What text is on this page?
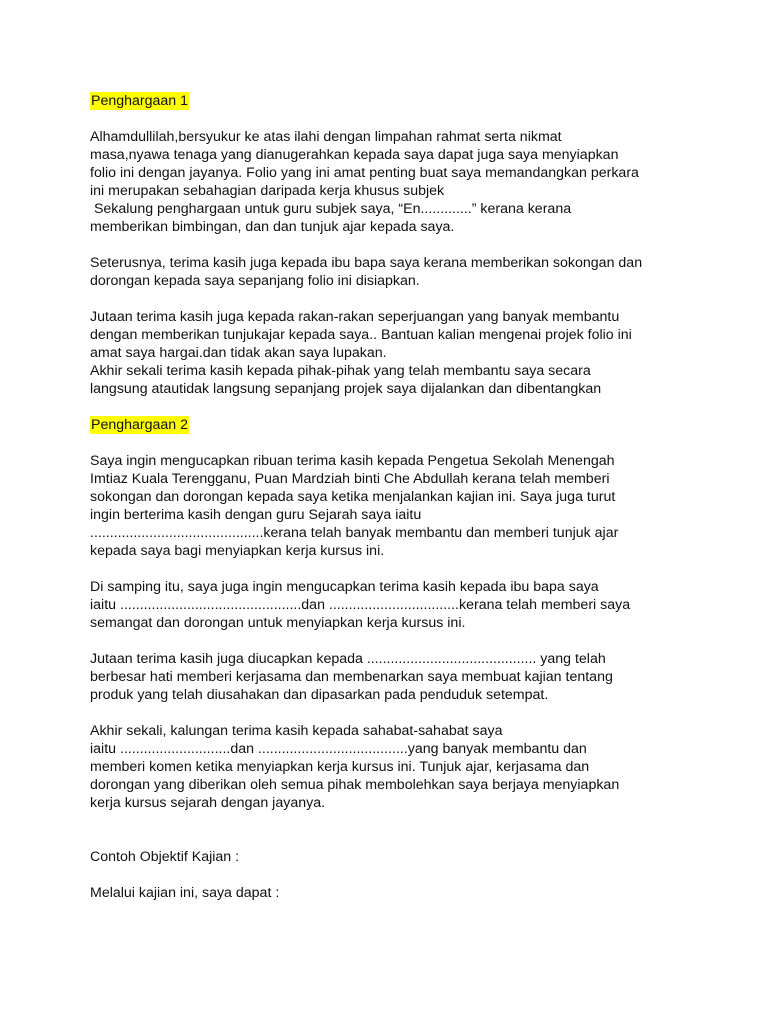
Penghargaan 1
Alhamdullilah,bersyukur ke atas ilahi dengan limpahan rahmat serta nikmat
masa,nyawa tenaga yang dianugerahkan kepada saya dapat juga saya menyiapkan
folio ini dengan jayanya. Folio yang ini amat penting buat saya memandangkan perkara
ini merupakan sebahagian daripada kerja khusus subjek
Sekalung penghargaan untuk guru subjek saya, “En.............” kerana kerana
memberikan bimbingan, dan dan tunjuk ajar kepada saya.
Seterusnya, terima kasih juga kepada ibu bapa saya kerana memberikan sokongan dan
dorongan kepada saya sepanjang folio ini disiapkan.
Jutaan terima kasih juga kepada rakan-rakan seperjuangan yang banyak membantu
dengan memberikan tunjukajar kepada saya.. Bantuan kalian mengenai projek folio ini
amat saya hargai.dan tidak akan saya lupakan.
Akhir sekali terima kasih kepada pihak-pihak yang telah membantu saya secara
langsung atautidak langsung sepanjang projek saya dijalankan dan dibentangkan
Penghargaan 2
Saya ingin mengucapkan ribuan terima kasih kepada Pengetua Sekolah Menengah
Imtiaz Kuala Terengganu, Puan Mardziah binti Che Abdullah kerana telah memberi
sokongan dan dorongan kepada saya ketika menjalankan kajian ini. Saya juga turut
ingin berterima kasih dengan guru Sejarah saya iaitu
............................................kerana telah banyak membantu dan memberi tunjuk ajar
kepada saya bagi menyiapkan kerja kursus ini.
Di samping itu, saya juga ingin mengucapkan terima kasih kepada ibu bapa saya
iaitu ..............................................dan .................................kerana telah memberi saya
semangat dan dorongan untuk menyiapkan kerja kursus ini.
Jutaan terima kasih juga diucapkan kepada ........................................... yang telah
berbesar hati memberi kerjasama dan membenarkan saya membuat kajian tentang
produk yang telah diusahakan dan dipasarkan pada penduduk setempat.
Akhir sekali, kalungan terima kasih kepada sahabat-sahabat saya
iaitu ............................dan ......................................yang banyak membantu dan
memberi komen ketika menyiapkan kerja kursus ini. Tunjuk ajar, kerjasama dan
dorongan yang diberikan oleh semua pihak membolehkan saya berjaya menyiapkan
kerja kursus sejarah dengan jayanya.
Contoh Objektif Kajian :
Melalui kajian ini, saya dapat :
